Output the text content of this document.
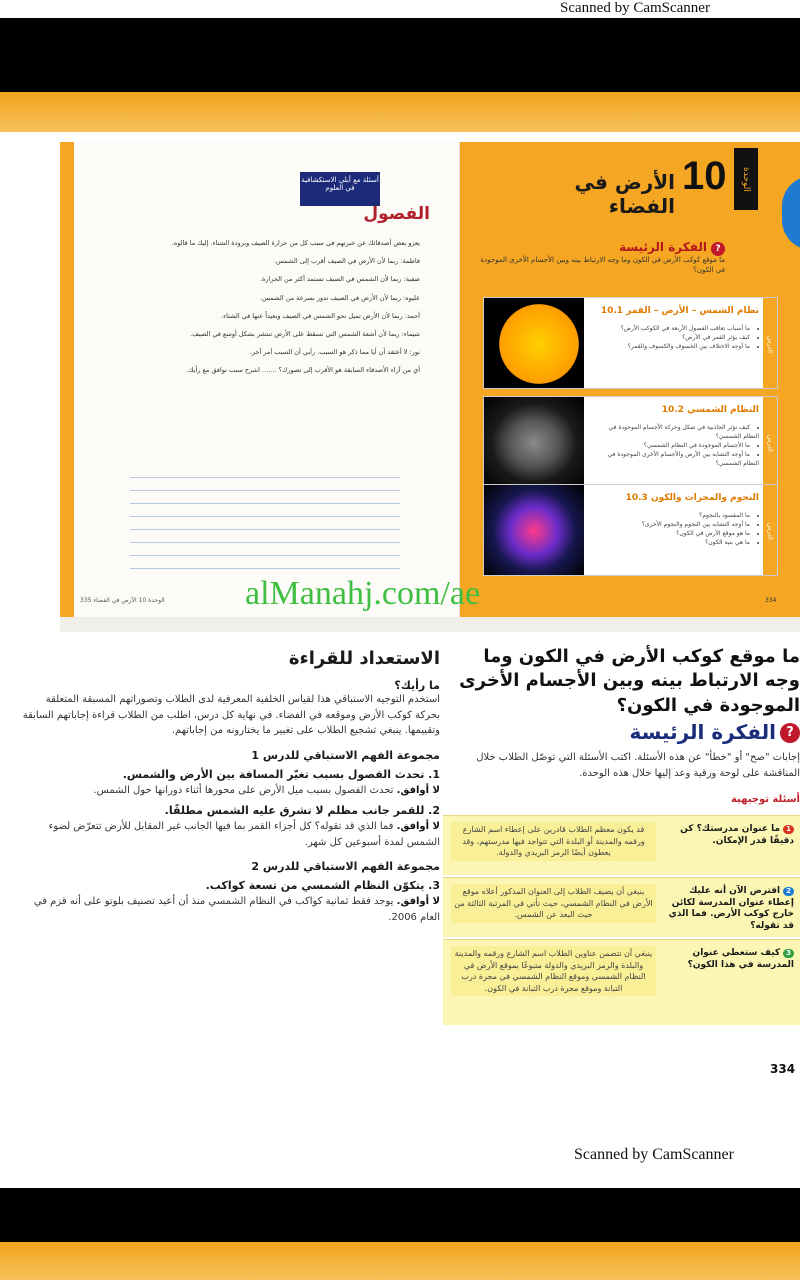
Scanned by CamScanner
أسئلة مع أبلي الاستكشافية في العلوم
الفصول
يعزو بعض أصدقائك عن خبرتهم في سبب كل من حرارة الصيف وبرودة الشتاء. إليك ما قالوه.
فاطمة: ربما لأن الأرض في الصيف أقرب إلى الشمس.
صفية: ربما لأن الشمس في الصيف تستمد أكثر من الحرارة.
عليوه: ربما لأن الأرض في الصيف تدور بسرعة من الشمس.
أحمد: ربما لأن الأرض تميل نحو الشمس في الصيف وبعيداً عنها في الشتاء.
شيماء: ربما لأن أشعة الشمس التي تسقط على الأرض تنتشر بشكل أوسع في الصيف.
نور: لا أعتقد أن أيا مما ذكر هو السبب. رأيي أن السبب أمر آخر.
أي من آراء الأصدقاء السابقة هو الأقرب إلى تصورك؟ ....... اشرح سبب توافق مع رأيك.
الوحدة 10 الأرض في الفضاء 335
الأرض في الفضاء
10	الوحدة
?الفكرة الرئيسة
ما موقع كوكب الأرض في الكون وما وجه الارتباط بينه وبين الأجسام الأخرى الموجودة في الكون؟
الدرس
نظام الشمس – الأرض – القمر 10.1
• ما أسباب تعاقب الفصول الأربعة في الكوكب الأرض؟
• كيف يؤثر القمر في الأرض؟
• ما أوجه الاختلاف بين الخسوف والكسوف والقمر؟
الدرس
النظام الشمسي 10.2
• كيف تؤثر الجاذبية في شكل وحركة الأجسام الموجودة في النظام الشمسي؟
• ما الأجسام الموجودة في النظام الشمسي؟
• ما أوجه التشابه بين الأرض والأجسام الأخرى الموجودة في النظام الشمسي؟
الدرس
النجوم والمجرات والكون 10.3
• ما المقصود بالنجوم؟
• ما أوجه التشابه بين النجوم والنجوم الأخرى؟
• ما هو موقع الأرض في الكون؟
• ما هي بنية الكون؟
334
alManahj.com/ae
ما موقع كوكب الأرض في الكون وما وجه الارتباط بينه وبين الأجسام الأخرى الموجودة في الكون؟
?الفكرة الرئيسة
إجابات "صح" أو "خطأ" عن هذه الأسئلة. اكتب الأسئلة التي توصّل الطلاب خلال المناقشة على لوحة ورقية وعد إليها خلال هذه الوحدة.
أسئلة توجيهية
1ما عنوان مدرستك؟ كن دقيقًا قدر الإمكان.
قد يكون معظم الطلاب قادرين على إعطاء اسم الشارع ورقمه والمدينة أو البلدة التي تتواجد فيها مدرستهم، وقد يعطون أيضًا الرمز البريدي والدولة.
2افترض الآن أنه عليك إعطاء عنوان المدرسة لكائن خارج كوكب الأرض. فما الذي قد تقوله؟
ينبغي أن يضيف الطلاب إلى العنوان المذكور أعلاه موقع الأرض في النظام الشمسي، حيث تأتي في المرتبة الثالثة من حيث البعد عن الشمس.
3كيف ستعطي عنوان المدرسة في هذا الكون؟
ينبغي أن تتضمن عناوين الطلاب اسم الشارع ورقمه والمدينة والبلدة والرمز البريدي والدولة متبوعًا بموقع الأرض في النظام الشمسي وموقع النظام الشمسي في مجرة درب التبانة وموقع مجرة درب التبانة في الكون.
الاستعداد للقراءة
ما رأيك؟
استخدم التوجيه الاستباقي هذا لقياس الخلفية المعرفية لدى الطلاب وتصوراتهم المسبقة المتعلقة بحركة كوكب الأرض وموقعه في الفضاء. في نهاية كل درس، اطلب من الطلاب قراءة إجاباتهم السابقة وتقييمها. ينبغي تشجيع الطلاب على تغيير ما يختارونه من إجاباتهم.
مجموعة الفهم الاستباقي للدرس 1
1. تحدث الفصول بسبب تغيّر المسافة بين الأرض والشمس.
لا أوافق. تحدث الفصول بسبب ميل الأرض على محورها أثناء دورانها حول الشمس.
2. للقمر جانب مظلم لا تشرق عليه الشمس مطلقًا.
لا أوافق. فما الذي قد تقوله؟ كل أجزاء القمر بما فيها الجانب غير المقابل للأرض تتعرّض لضوء الشمس لمدة أسبوعين كل شهر.
مجموعة الفهم الاستباقي للدرس 2
3. يتكوّن النظام الشمسي من تسعة كواكب.
لا أوافق. يوجد فقط ثمانية كواكب في النظام الشمسي منذ أن أعيد تصنيف بلوتو على أنه قزم في العام 2006.
334
Scanned by CamScanner
